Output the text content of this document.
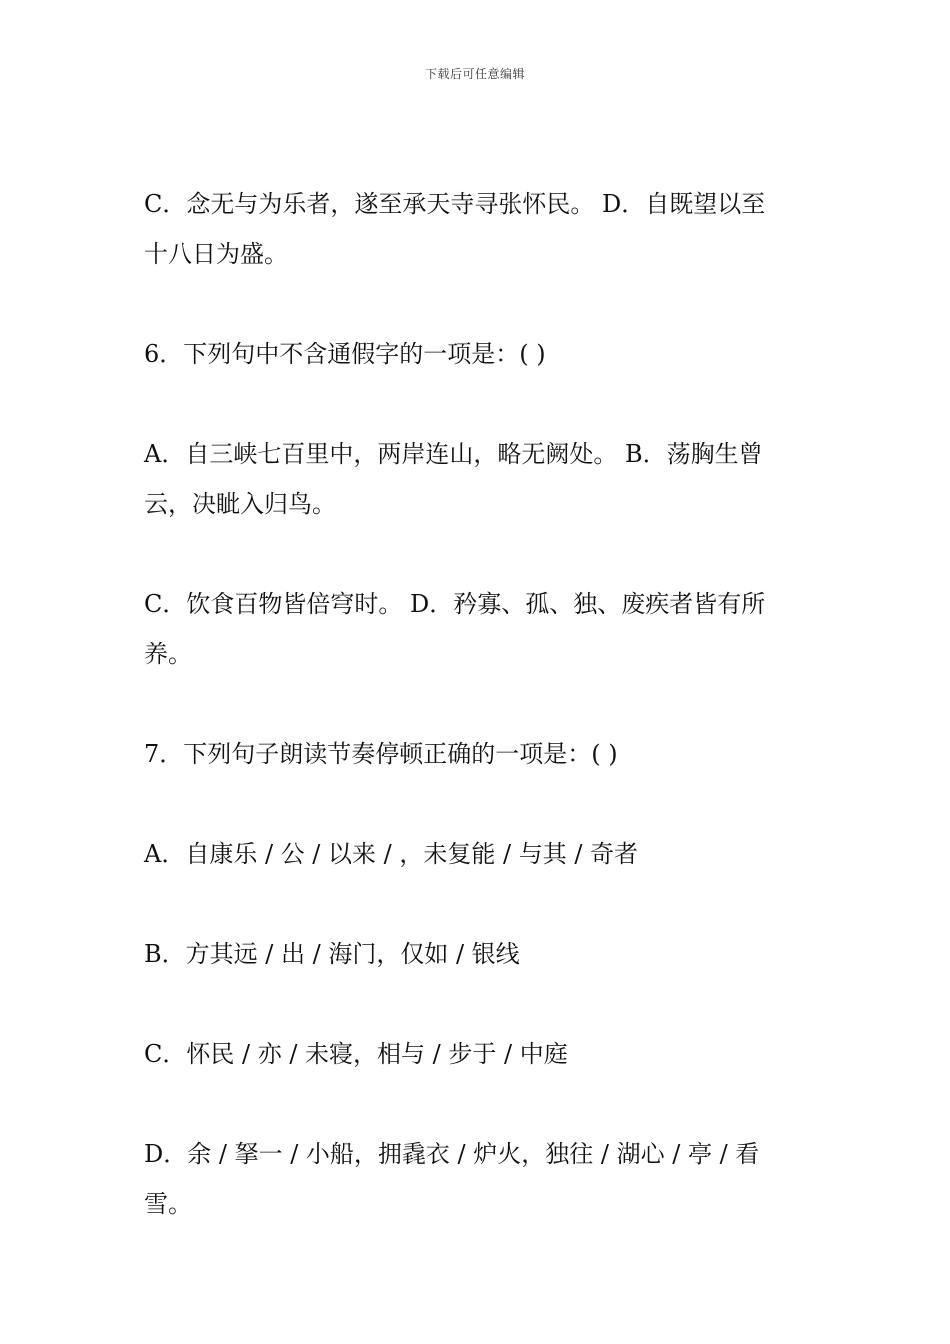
下载后可任意编辑

C．念无与为乐者，遂至承天寺寻张怀民。 D．自既望以至

十八日为盛。

6．下列句中不含通假字的一项是：( )

A．自三峡七百里中，两岸连山，略无阙处。 B．荡胸生曾

云，决眦入归鸟。

C．饮食百物皆倍穹时。 D．矜寡、孤、独、废疾者皆有所

养。

7．下列句子朗读节奏停顿正确的一项是：( )

A．自康乐 / 公 / 以来 / ，未复能 / 与其 / 奇者

B．方其远 / 出 / 海门，仅如 / 银线

C．怀民 / 亦 / 未寝，相与 / 步于 / 中庭

D．余 / 拏一 / 小船，拥毳衣 / 炉火，独往 / 湖心 / 亭 / 看

雪。
